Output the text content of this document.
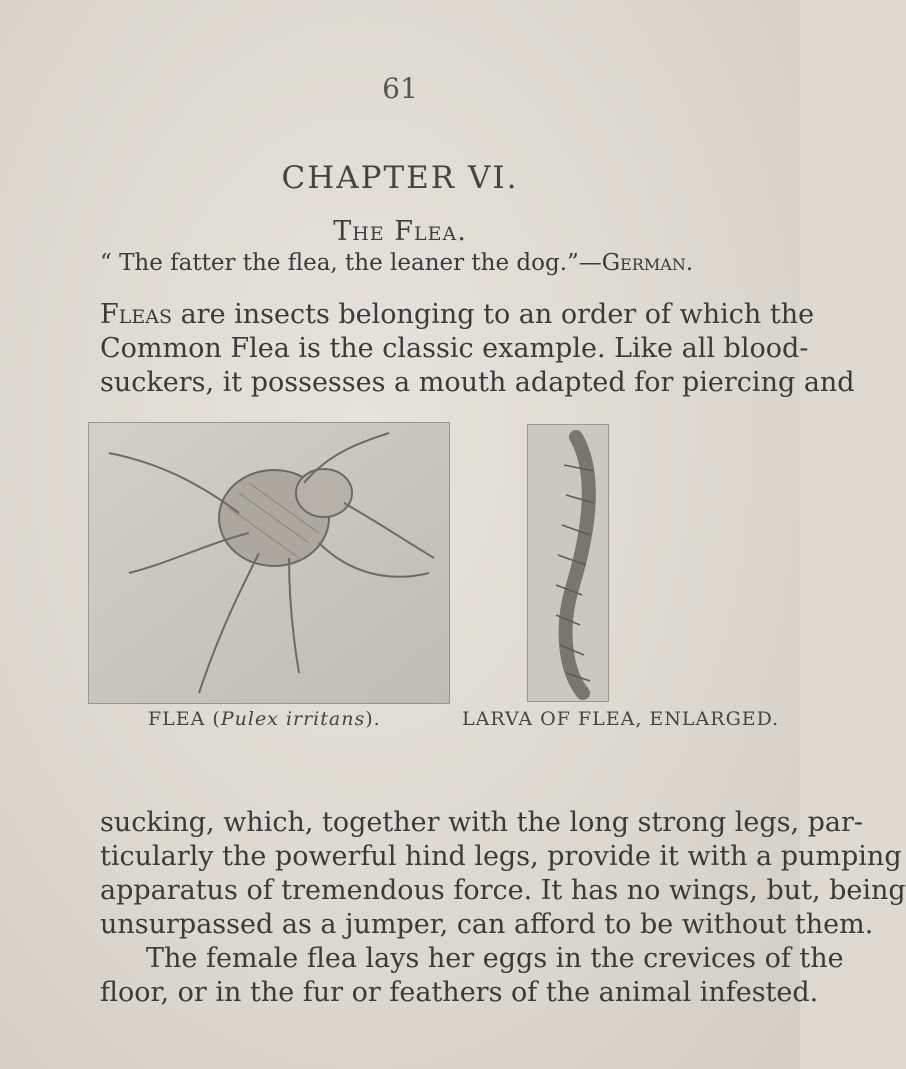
61
CHAPTER VI.
The Flea.
“ The fatter the flea, the leaner the dog.”—German.
Fleas are insects belonging to an order of which the
Common Flea is the classic example. Like all blood-
suckers, it possesses a mouth adapted for piercing and
FLEA (Pulex irritans).	LARVA OF FLEA, ENLARGED.
sucking, which, together with the long strong legs, par-
ticularly the powerful hind legs, provide it with a pumping
apparatus of tremendous force. It has no wings, but, being
unsurpassed as a jumper, can afford to be without them.
The female flea lays her eggs in the crevices of the
floor, or in the fur or feathers of the animal infested.
